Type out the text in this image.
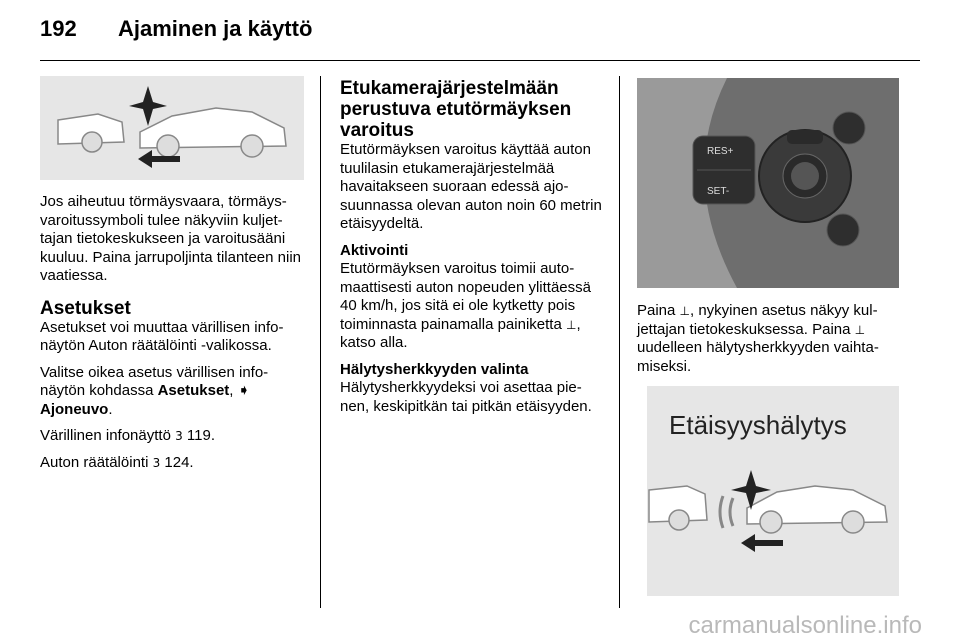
192 Ajaminen ja käyttö

Jos aiheutuu törmäysvaara, törmäysvaroitussymboli tulee näkyviin kuljettajan tietokeskukseen ja varoitusääni kuuluu. Paina jarrupoljinta tilanteen niin vaatiessa.

Asetukset

Asetukset voi muuttaa värillisen infonäytön Auton räätälöinti -valikossa.

Valitse oikea asetus värillisen infonäytön kohdassa Asetukset, ➧ Ajoneuvo.

Värillinen infonäyttö 3 119.

Auton räätälöinti 3 124.

Etukamerajärjestelmään perustuva etutörmäyksen varoitus

Etutörmäyksen varoitus käyttää auton tuulilasin etukamerajärjestelmää havaitakseen suoraan edessä ajosuunnassa olevan auton noin 60 metrin etäisyydeltä.

Aktivointi

Etutörmäyksen varoitus toimii automaattisesti auton nopeuden ylittäessä 40 km/h, jos sitä ei ole kytketty pois toiminnasta painamalla painiketta ⊥, katso alla.

Hälytysherkkyyden valinta

Hälytysherkkyydeksi voi asettaa pienen, keskipitkän tai pitkän etäisyyden.

RES+
SET-

Paina ⊥, nykyinen asetus näkyy kuljettajan tietokeskuksessa. Paina ⊥ uudelleen hälytysherkkyyden vaihtamiseksi.

Etäisyyshälytys
carmanualsonline.info
